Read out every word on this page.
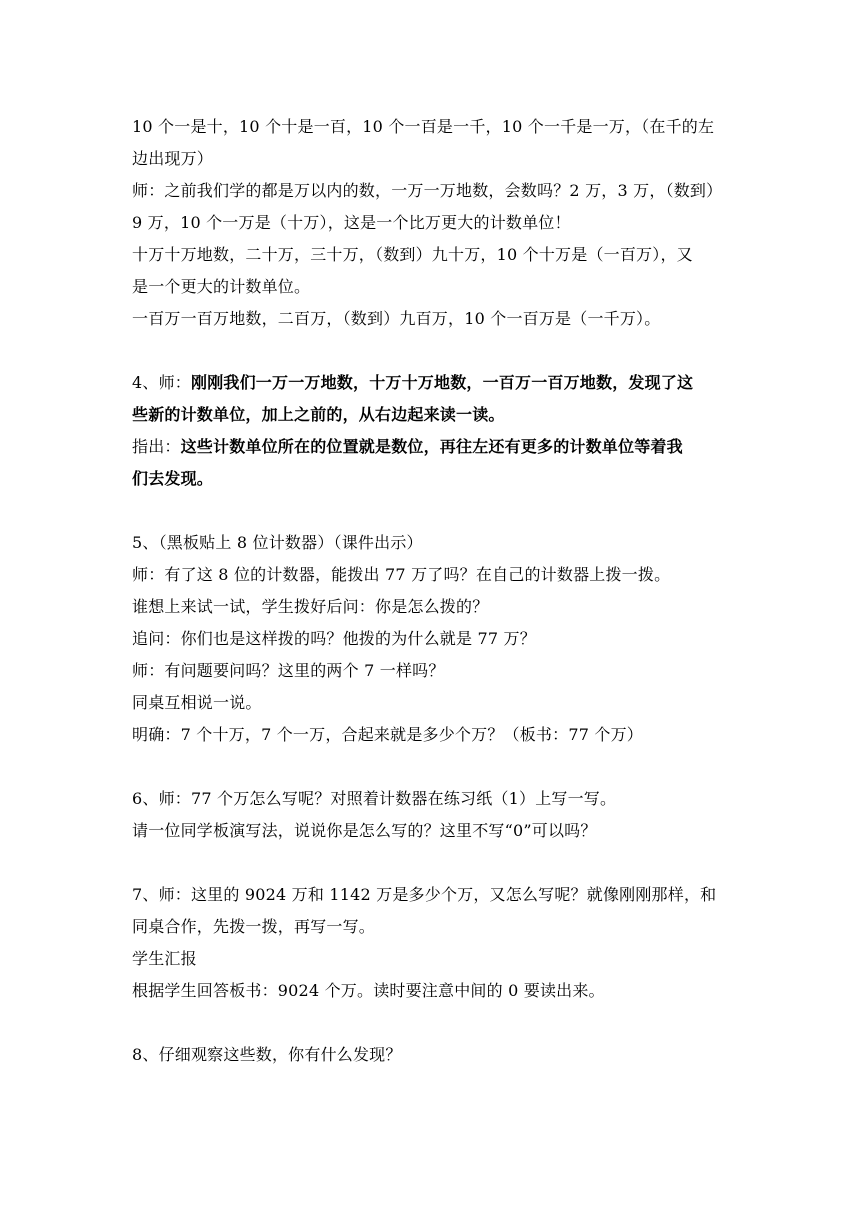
10 个一是十，10 个十是一百，10 个一百是一千，10 个一千是一万，（在千的左
边出现万）
师：之前我们学的都是万以内的数，一万一万地数，会数吗？2 万，3 万，（数到）
9 万，10 个一万是（十万），这是一个比万更大的计数单位！
十万十万地数，二十万，三十万，（数到）九十万，10 个十万是（一百万），又
是一个更大的计数单位。
一百万一百万地数，二百万，（数到）九百万，10 个一百万是（一千万）。
4、师：刚刚我们一万一万地数，十万十万地数，一百万一百万地数，发现了这
些新的计数单位，加上之前的，从右边起来读一读。
指出：这些计数单位所在的位置就是数位，再往左还有更多的计数单位等着我
们去发现。
5、（黑板贴上 8 位计数器）（课件出示）
师：有了这 8 位的计数器，能拨出 77 万了吗？在自己的计数器上拨一拨。
谁想上来试一试，学生拨好后问：你是怎么拨的？
追问：你们也是这样拨的吗？他拨的为什么就是 77 万？
师：有问题要问吗？这里的两个 7 一样吗？
同桌互相说一说。
明确：7 个十万，7 个一万，合起来就是多少个万？（板书：77 个万）
6、师：77 个万怎么写呢？对照着计数器在练习纸（1）上写一写。
请一位同学板演写法，说说你是怎么写的？这里不写“0”可以吗？
7、师：这里的 9024 万和 1142 万是多少个万，又怎么写呢？就像刚刚那样，和
同桌合作，先拨一拨，再写一写。
学生汇报
根据学生回答板书：9024 个万。读时要注意中间的 0 要读出来。
8、仔细观察这些数，你有什么发现？
